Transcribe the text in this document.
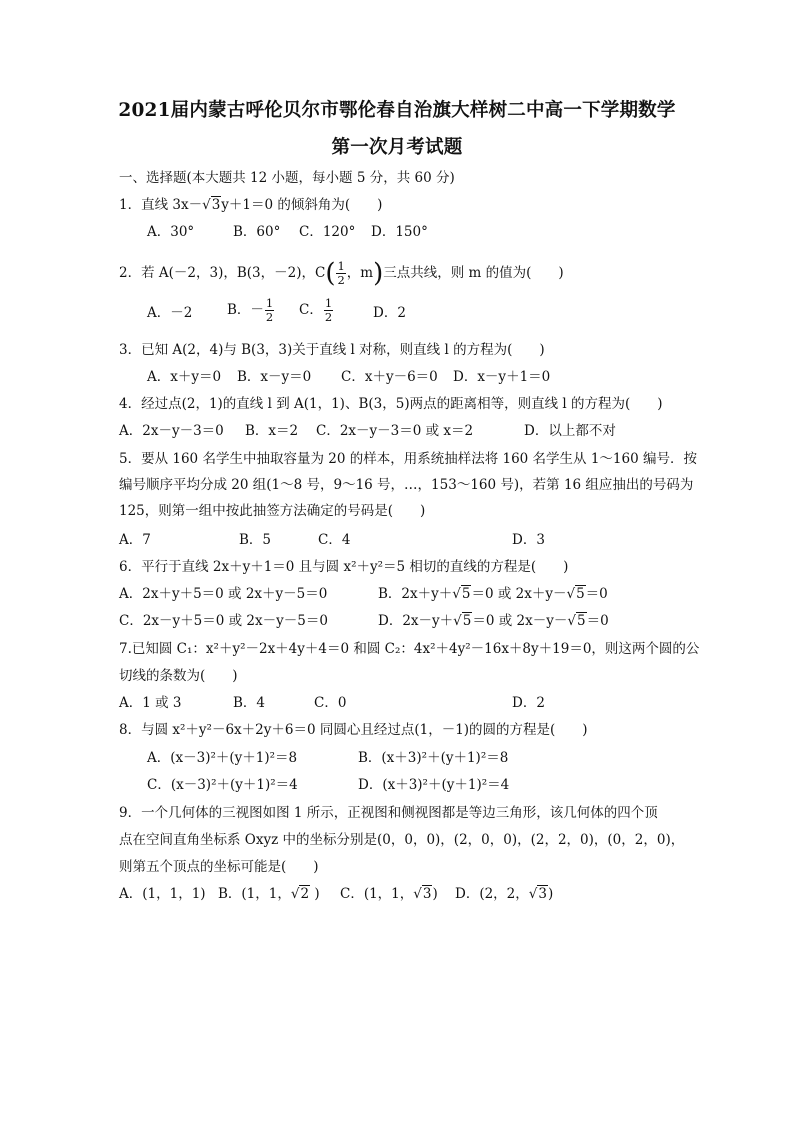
2021届内蒙古呼伦贝尔市鄂伦春自治旗大样树二中高一下学期数学
第一次月考试题
一、选择题(本大题共 12 小题，每小题 5 分，共 60 分)
1．直线 3x－√3y＋1＝0 的倾斜角为(　　)
A．30°	B．60° C．120° D．150°
2．若 A(－2，3)，B(3，－2)，$C( \frac{1}{2}$ ，m)三点共线，则 m 的值为(　　)
A．－2	B．－ $\frac{1}{2}$ C． $\frac{1}{2}$	D．2
3．已知 A(2，4)与 B(3，3)关于直线 l 对称，则直线 l 的方程为(　　)
A．x＋y＝0 B．x－y＝0 C．x＋y－6＝0 D．x－y＋1＝0
4．经过点(2，1)的直线 l 到 A(1，1)、B(3，5)两点的距离相等，则直线 l 的方程为(　　)
A．2x－y－3＝0 B．x＝2 C．2x－y－3＝0 或 x＝2	D．以上都不对
5．要从 160 名学生中抽取容量为 20 的样本，用系统抽样法将 160 名学生从 1～160 编号．按
编号顺序平均分成 20 组(1～8 号，9～16 号，…，153～160 号)，若第 16 组应抽出的号码为
125，则第一组中按此抽签方法确定的号码是(　　)
A．7	B．5	C．4	D．3
6．平行于直线 2x＋y＋1＝0 且与圆 x²＋y²＝5 相切的直线的方程是(　　)
A．2x＋y＋5＝0 或 2x＋y－5＝0	B．2x＋y＋√5＝0 或 2x＋y－√5＝0
C．2x－y＋5＝0 或 2x－y－5＝0	D．2x－y＋√5＝0 或 2x－y－√5＝0
7.已知圆 C₁：x²＋y²－2x＋4y＋4＝0 和圆 C₂：4x²＋4y²－16x＋8y＋19＝0，则这两个圆的公
切线的条数为(　　)
A．1 或 3	B．4	C．0	D．2
8．与圆 x²＋y²－6x＋2y＋6＝0 同圆心且经过点(1，－1)的圆的方程是(　　)
A．(x－3)²＋(y＋1)²＝8	B．(x＋3)²＋(y＋1)²＝8
C．(x－3)²＋(y＋1)²＝4	D．(x＋3)²＋(y＋1)²＝4
9．一个几何体的三视图如图 1 所示，正视图和侧视图都是等边三角形，该几何体的四个顶
点在空间直角坐标系 Oxyz 中的坐标分别是(0，0，0)，(2，0，0)，(2，2，0)，(0，2，0)，
则第五个顶点的坐标可能是(　　)
A．(1，1，1) B．(1，1，√2 ) C．(1，1，√3) D．(2，2，√3)
